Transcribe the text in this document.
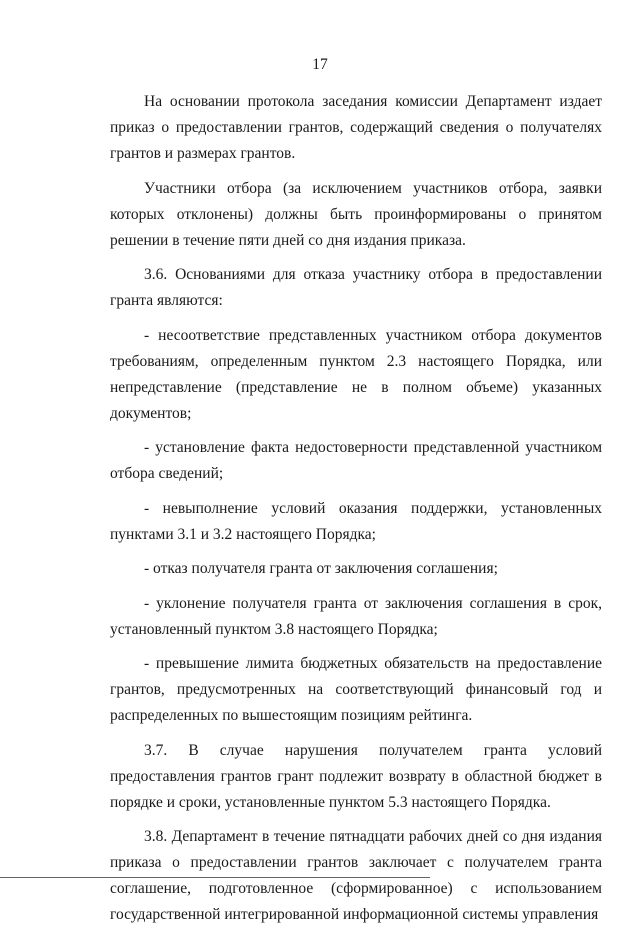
17

На основании протокола заседания комиссии Департамент издает приказ о предоставлении грантов, содержащий сведения о получателях грантов и размерах грантов.

Участники отбора (за исключением участников отбора, заявки которых отклонены) должны быть проинформированы о принятом решении в течение пяти дней со дня издания приказа.

3.6. Основаниями для отказа участнику отбора в предоставлении гранта являются:

- несоответствие представленных участником отбора документов требованиям, определенным пунктом 2.3 настоящего Порядка, или непредставление (представление не в полном объеме) указанных документов;

- установление факта недостоверности представленной участником отбора сведений;

- невыполнение условий оказания поддержки, установленных пунктами 3.1 и 3.2 настоящего Порядка;

- отказ получателя гранта от заключения соглашения;

- уклонение получателя гранта от заключения соглашения в срок, установленный пунктом 3.8 настоящего Порядка;

- превышение лимита бюджетных обязательств на предоставление грантов, предусмотренных на соответствующий финансовый год и распределенных по вышестоящим позициям рейтинга.

3.7. В случае нарушения получателем гранта условий предоставления грантов грант подлежит возврату в областной бюджет в порядке и сроки, установленные пунктом 5.3 настоящего Порядка.

3.8. Департамент в течение пятнадцати рабочих дней со дня издания приказа о предоставлении грантов заключает с получателем гранта соглашение, подготовленное (сформированное) с использованием государственной интегрированной информационной системы управления
